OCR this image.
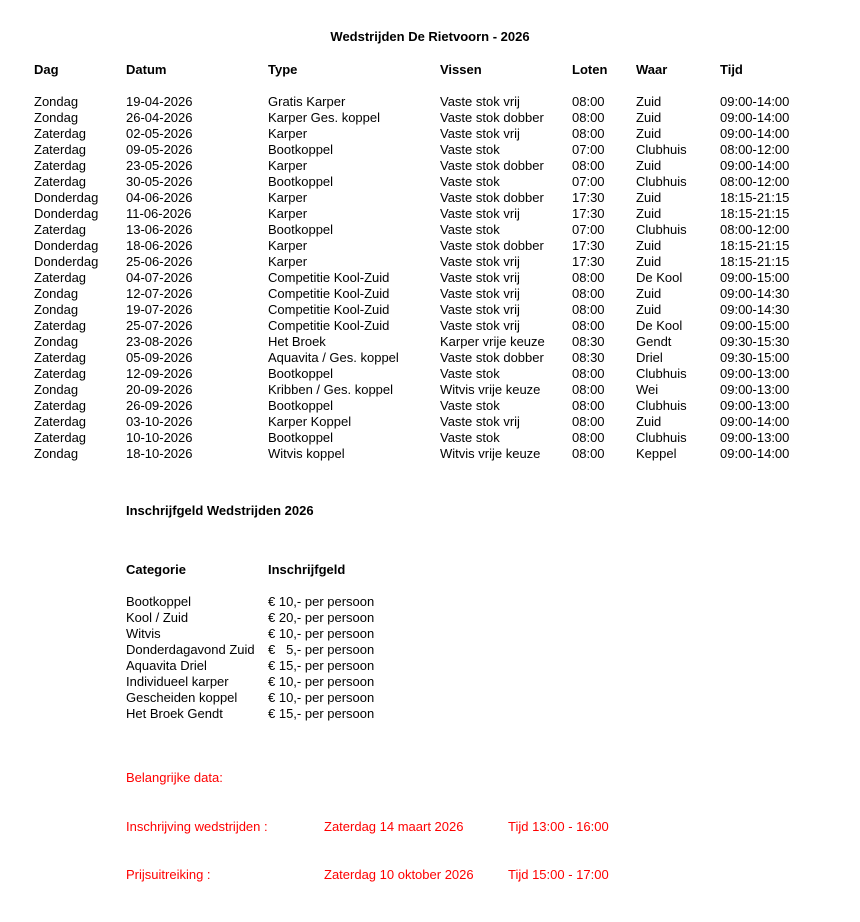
Wedstrijden De Rietvoorn - 2026
Dag	Datum	Type	Vissen	Loten	Waar	Tijd
Zondag	19-04-2026	Gratis Karper	Vaste stok vrij	08:00	Zuid	09:00-14:00
Zondag	26-04-2026	Karper Ges. koppel	Vaste stok dobber	08:00	Zuid	09:00-14:00
Zaterdag	02-05-2026	Karper	Vaste stok vrij	08:00	Zuid	09:00-14:00
Zaterdag	09-05-2026	Bootkoppel	Vaste stok	07:00	Clubhuis	08:00-12:00
Zaterdag	23-05-2026	Karper	Vaste stok dobber	08:00	Zuid	09:00-14:00
Zaterdag	30-05-2026	Bootkoppel	Vaste stok	07:00	Clubhuis	08:00-12:00
Donderdag	04-06-2026	Karper	Vaste stok dobber	17:30	Zuid	18:15-21:15
Donderdag	11-06-2026	Karper	Vaste stok vrij	17:30	Zuid	18:15-21:15
Zaterdag	13-06-2026	Bootkoppel	Vaste stok	07:00	Clubhuis	08:00-12:00
Donderdag	18-06-2026	Karper	Vaste stok dobber	17:30	Zuid	18:15-21:15
Donderdag	25-06-2026	Karper	Vaste stok vrij	17:30	Zuid	18:15-21:15
Zaterdag	04-07-2026	Competitie Kool-Zuid	Vaste stok vrij	08:00	De Kool	09:00-15:00
Zondag	12-07-2026	Competitie Kool-Zuid	Vaste stok vrij	08:00	Zuid	09:00-14:30
Zondag	19-07-2026	Competitie Kool-Zuid	Vaste stok vrij	08:00	Zuid	09:00-14:30
Zaterdag	25-07-2026	Competitie Kool-Zuid	Vaste stok vrij	08:00	De Kool	09:00-15:00
Zondag	23-08-2026	Het Broek	Karper vrije keuze	08:30	Gendt	09:30-15:30
Zaterdag	05-09-2026	Aquavita / Ges. koppel	Vaste stok dobber	08:30	Driel	09:30-15:00
Zaterdag	12-09-2026	Bootkoppel	Vaste stok	08:00	Clubhuis	09:00-13:00
Zondag	20-09-2026	Kribben / Ges. koppel	Witvis vrije keuze	08:00	Wei	09:00-13:00
Zaterdag	26-09-2026	Bootkoppel	Vaste stok	08:00	Clubhuis	09:00-13:00
Zaterdag	03-10-2026	Karper Koppel	Vaste stok vrij	08:00	Zuid	09:00-14:00
Zaterdag	10-10-2026	Bootkoppel	Vaste stok	08:00	Clubhuis	09:00-13:00
Zondag	18-10-2026	Witvis koppel	Witvis vrije keuze	08:00	Keppel	09:00-14:00
Inschrijfgeld Wedstrijden 2026
Categorie	Inschrijfgeld
Bootkoppel	€ 10,- per persoon
Kool / Zuid	€ 20,- per persoon
Witvis	€ 10,- per persoon
Donderdagavond Zuid	€   5,- per persoon
Aquavita Driel	€ 15,- per persoon
Individueel karper	€ 10,- per persoon
Gescheiden koppel	€ 10,- per persoon
Het Broek Gendt	€ 15,- per persoon
Belangrijke data:
Inschrijving wedstrijden :	Zaterdag 14 maart 2026	Tijd 13:00 - 16:00
Prijsuitreiking :	Zaterdag 10 oktober 2026	Tijd 15:00 - 17:00
